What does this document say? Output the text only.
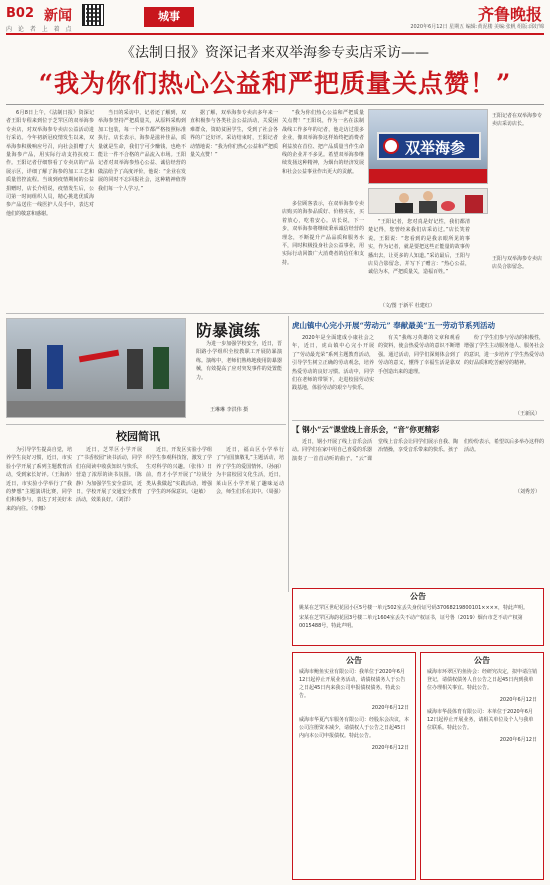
B02 新闻
内 论 者 上 着 点
城事	齐鲁晚报
2020年6月12日 星期五 编辑:黄泥楼 美编:张帆 组版:邱好锦
《法制日报》资深记者来双举海参专卖店采访——
“我为你们热心公益和严把质量关点赞！”

6月8日上午，《法制日报》资深记者王阳专程来到位于芝罘区的双举海参专卖店，对双举海参专卖店公益活动进行采访。今年初新冠疫情发生以来，双举海参积极响应号召，向社会捐赠了大量海参产品，用实际行动支持抗疫工作。王阳记者仔细察看了专卖店的产品展示区，详细了解了海参的加工工艺和质量管控流程。当谈到疫情期间的公益捐赠时，店长介绍说，疫情发生后，公司第一时间组织人员，精心挑选优质海参产品送往一线医护人员手中，表达对他们的敬意和感谢。

当日的采访中，记者还了解到，双举海参坚持严把质量关，从原料采购到加工包装，每一个环节都严格按照标准执行。店长表示，海参是滋补佳品，质量就是生命，我们宁可少赚钱，也绝不能让一件不合格的产品流入市场。王阳记者对双举海参热心公益、诚信经营的做法给予了高度评价，他说：“企业在发展的同时不忘回报社会，这种精神值得我们每一个人学习。”

据了解，双举海参专卖店多年来一直积极参与各类社会公益活动，关爱困难群众，资助贫困学生，受到了社会各界的广泛好评。采访结束时，王阳记者动情地说：“我为你们热心公益和严把质量关点赞！”

“我为你们热心公益和严把质量关点赞！”王阳说，作为一名在法制战线工作多年的记者，他走访过很多企业，像双举海参这样始终把消费者利益放在首位、把产品质量当作生命线的企业并不多见。希望双举海参继续发扬这种精神，为烟台的经济发展和社会公益事业作出更大的贡献。

多位顾客表示，在双举海参专卖店购买的海参品质好、价格实在，买着放心，吃着安心。店长说，下一步，双举海参将继续秉承诚信经营的理念，不断提升产品品质和服务水平，同时积极投身社会公益事业，用实际行动回馈广大消费者的信任和支持。

“王阳记者，您对真是好记性，我们都清楚记得，您曾经来我们店采访过。”店长笑着说。王阳说：“您看到的是我亲眼所见的事实，作为记者，就是要把这些正能量的故事传播出去，让更多的人知道。”采访最后，王阳与店员合影留念，并写下了赠言：“热心公益，诚信为本，严把质量关，造福百姓。”

（文/图 于新平 杜建红）
双举海参
王阳记者在双举海参专卖店采访店长。
王阳与双举海参专卖店店员合影留念。
防暴演练

为进一步加强学校安全，近日，晋阳路小学组织全校教职工开展防暴演练。演练中，老师们熟练地使用防暴器械，有效提高了应对突发事件的处置能力。

王琳琳 李洪伟 摄
虎山镇中心完小开展“劳动元” 奉献最美“五一劳动节系列活动

2020年是全面建成小康社会之年，近日，虎山镇中心完小开展了“劳动最光荣”系列主题教育活动，引导学生树立正确的劳动观念，培养热爱劳动的良好习惯。活动中，同学们在老师的带领下，走进校园劳动实践基地，体验劳动的艰辛与快乐。

有关“我练习英雄的文章和观看的资料，使会热爱劳动的意识不断增强。通过活动，同学们深刻体会到了劳动的意义，懂得了幸福生活是靠双手创造出来的道理。

纷了学生们参与劳动的积极性，增强了学生主动服务他人、服务社会的意识，进一步培养了学生热爱劳动的好品质和吃苦耐劳的精神。

（王新民）
【 钢小“云”课堂线上音乐会，“音”你更精彩

近日，钢小开展了线上音乐会活动。同学们在家中用自己喜爱的乐器演奏了一首首动听的曲子。“云”课堂线上音乐会让同学们展示自我、陶冶情操，享受音乐带来的快乐。孩子们纷纷表示，希望以后多举办这样的活动。

（刘秀芳）
校园简讯

为引导学生提高自觉，培养学生良好习惯，近日，市实验小学开展了系列主题教育活动，受到家长好评。（王海涛）近日，市实验小学举行了“我的梦想”主题演讲比赛，同学们积极参与，表达了对美好未来的向往。（李娜）

近日，芝罘区小学开展了“书香校园”读书活动，同学们在阅读中收获知识与快乐，营造了浓厚的读书氛围。（陈静）为加强学生安全意识，近日，学校开展了交通安全教育活动，效果良好。（刘洋）

近日，开发区实验小学组织学生参观科技馆，激发了学生对科学的兴趣。（张伟）日前，育才小学开展了“垃圾分类从我做起”实践活动，增强了学生的环保意识。（赵敏）

近日，福山区小学举行了“向国旗敬礼”主题活动，培养了学生的爱国情怀。（孙丽）为丰富校园文化生活，近日，莱山区小学开展了趣味运动会，师生们乐在其中。（周强）

公告
姚某在芝罘区世纪花园小区5号楼一单元502室丢失身份证号码37068219800101××××，特此声明。
宋某在芝罘区海韵花园3号楼二单元1604室丢失不动产权证书，证号鲁（2019）烟台市芝不动产权第0015488号，特此声明。
公告
威海市鲍鱼实业有限公司：我单位于2020年6月12日起停止开展业务活动，请债权债务人于公告之日起45日内来我公司申报债权债务。特此公告。
2020年6月12日
威海市华夏汽车服务有限公司：经股东会决议，本公司注册资本减少，请债权人于公告之日起45日内向本公司申报债权。特此公告。
2020年6月12日
公告
威海市环翠区钓鱼协会：经研究决定，拟申请注销登记，请债权债务人自公告之日起45日内到我单位办理相关事宜。特此公告。
2020年6月12日
威海市华晨体育有限公司：本单位于2020年6月12日起停止开展业务，请相关单位及个人与我单位联系。特此公告。
2020年6月12日
